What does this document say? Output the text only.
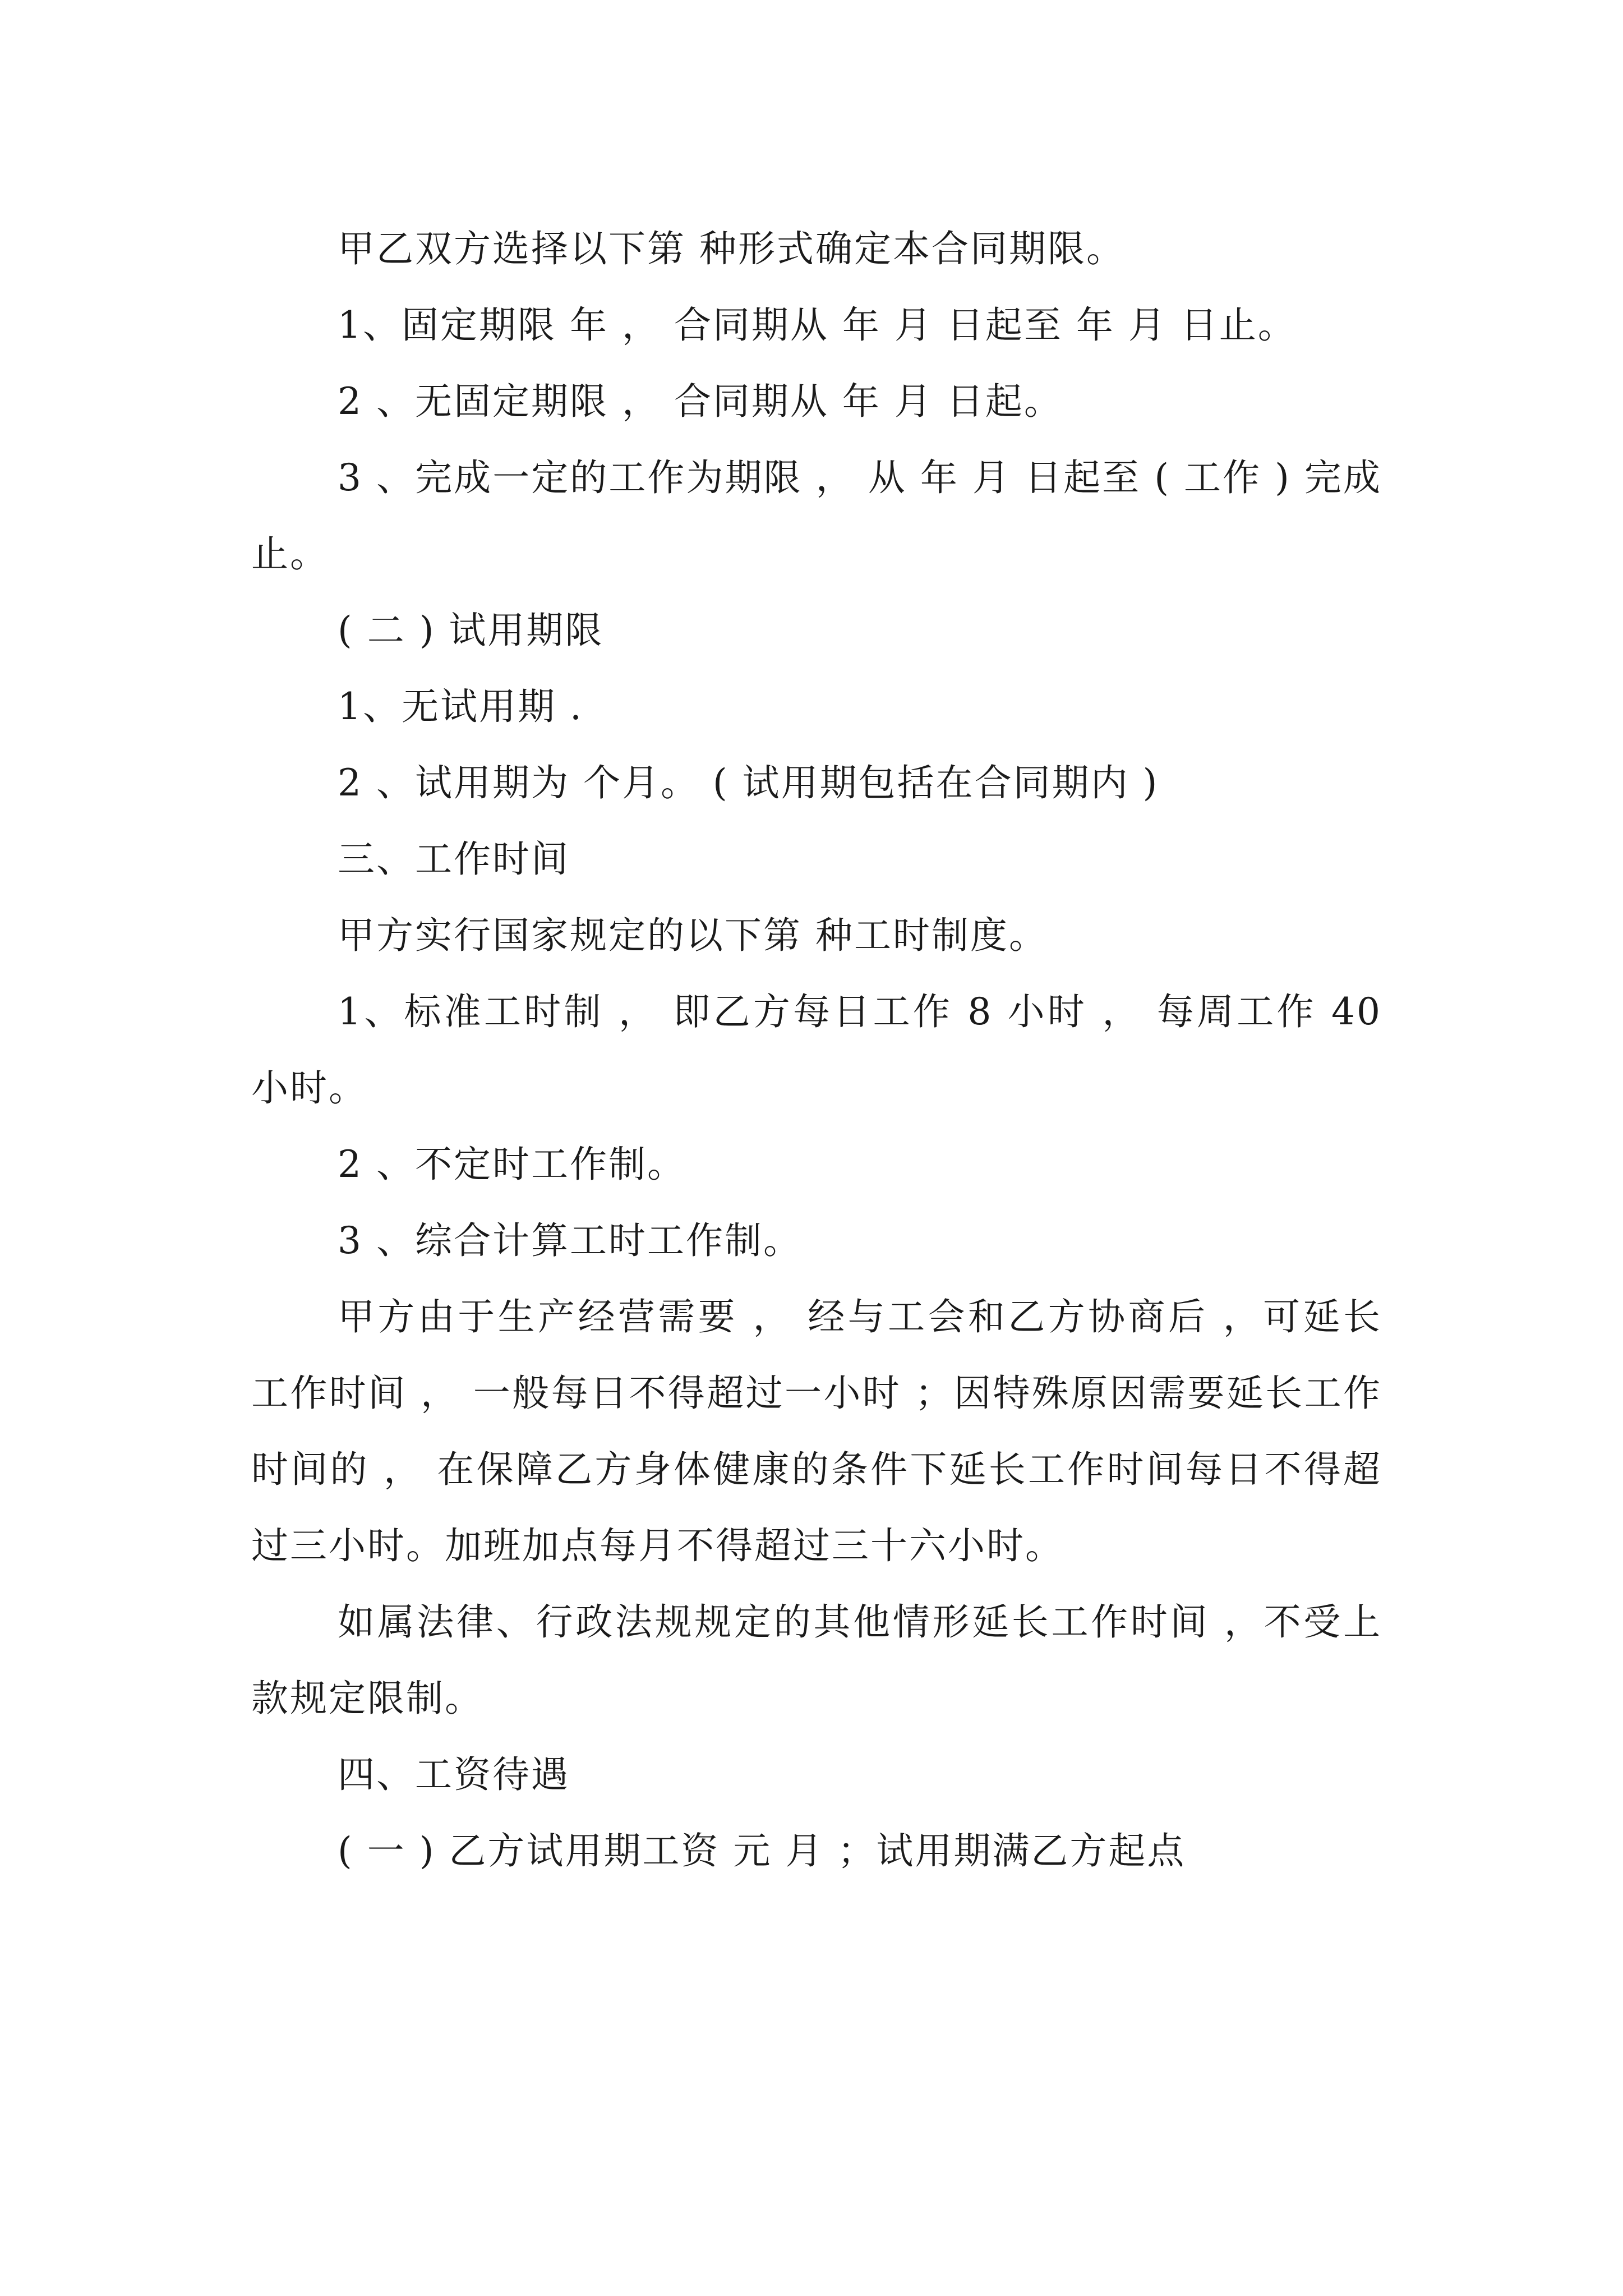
甲乙双方选择以下第 种形式确定本合同期限。

1、固定期限 年 ， 合同期从 年 月 日起至 年 月 日止。

2 、无固定期限 ， 合同期从 年 月 日起。

3 、完成一定的工作为期限 ， 从 年 月 日起至 ( 工作 ) 完成止。

( 二 ) 试用期限

1、无试用期 .

2 、试用期为 个月。 ( 试用期包括在合同期内 )

三、工作时间

甲方实行国家规定的以下第 种工时制度。

1、标准工时制 ， 即乙方每日工作 8 小时 ， 每周工作 40 小时。

2 、不定时工作制。

3 、综合计算工时工作制。

甲方由于生产经营需要 ， 经与工会和乙方协商后 ，可延长工作时间 ， 一般每日不得超过一小时 ；因特殊原因需要延长工作时间的 ， 在保障乙方身体健康的条件下延长工作时间每日不得超过三小时。加班加点每月不得超过三十六小时。

如属法律、行政法规规定的其他情形延长工作时间 ，不受上款规定限制。

四、工资待遇

( 一 ) 乙方试用期工资 元 月 ；试用期满乙方起点
